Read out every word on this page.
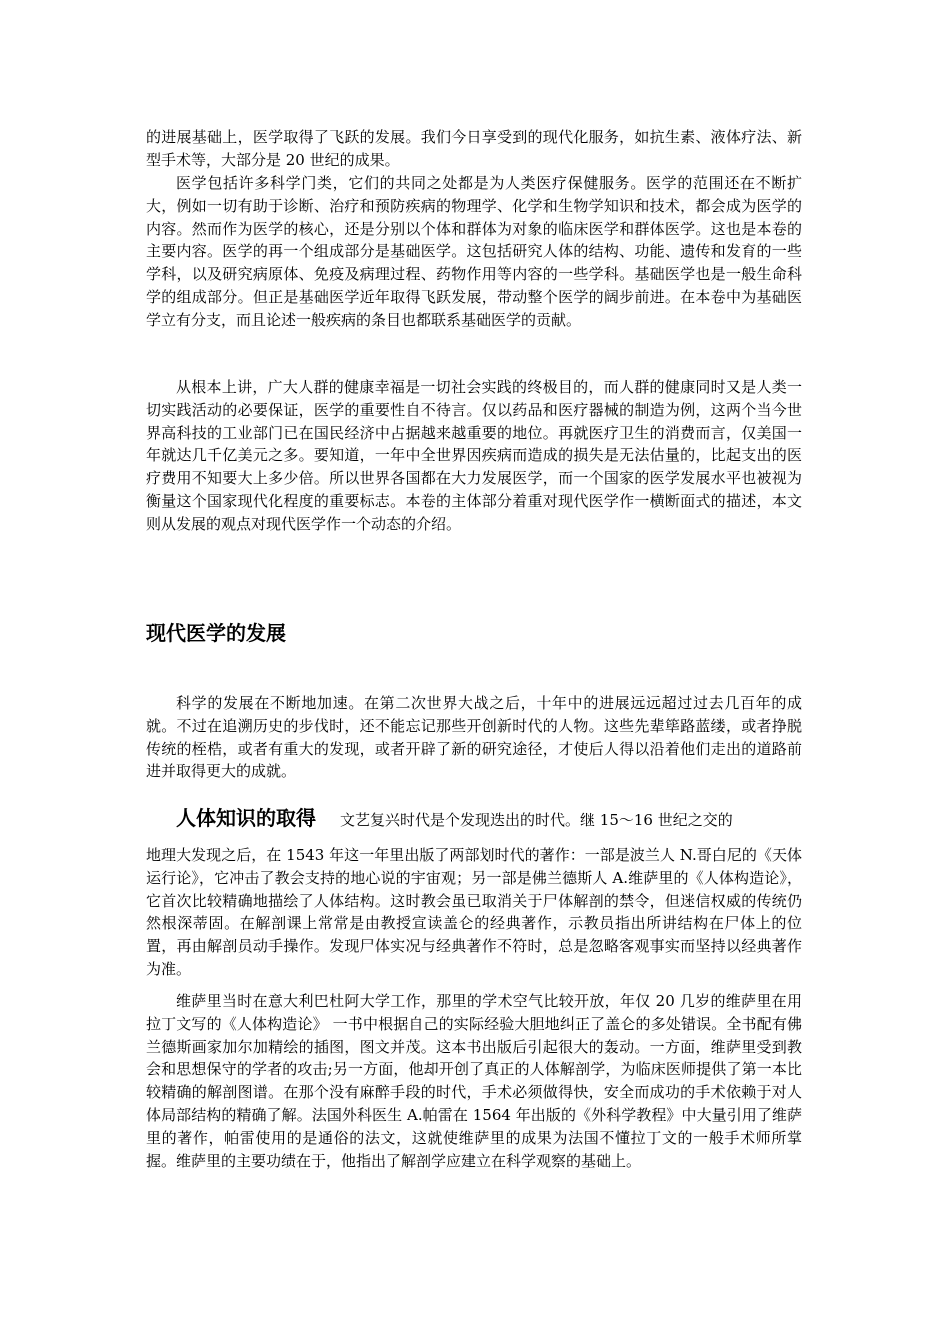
的进展基础上，医学取得了飞跃的发展。我们今日享受到的现代化服务，如抗生素、液体疗法、新型手术等，大部分是 20 世纪的成果。

医学包括许多科学门类，它们的共同之处都是为人类医疗保健服务。医学的范围还在不断扩大，例如一切有助于诊断、治疗和预防疾病的物理学、化学和生物学知识和技术，都会成为医学的内容。然而作为医学的核心，还是分别以个体和群体为对象的临床医学和群体医学。这也是本卷的主要内容。医学的再一个组成部分是基础医学。这包括研究人体的结构、功能、遗传和发育的一些学科，以及研究病原体、免疫及病理过程、药物作用等内容的一些学科。基础医学也是一般生命科学的组成部分。但正是基础医学近年取得飞跃发展，带动整个医学的阔步前进。在本卷中为基础医学立有分支，而且论述一般疾病的条目也都联系基础医学的贡献。

从根本上讲，广大人群的健康幸福是一切社会实践的终极目的，而人群的健康同时又是人类一切实践活动的必要保证，医学的重要性自不待言。仅以药品和医疗器械的制造为例，这两个当今世界高科技的工业部门已在国民经济中占据越来越重要的地位。再就医疗卫生的消费而言，仅美国一年就达几千亿美元之多。要知道，一年中全世界因疾病而造成的损失是无法估量的，比起支出的医疗费用不知要大上多少倍。所以世界各国都在大力发展医学，而一个国家的医学发展水平也被视为衡量这个国家现代化程度的重要标志。本卷的主体部分着重对现代医学作一横断面式的描述，本文则从发展的观点对现代医学作一个动态的介绍。

现代医学的发展

科学的发展在不断地加速。在第二次世界大战之后，十年中的进展远远超过过去几百年的成就。不过在追溯历史的步伐时，还不能忘记那些开创新时代的人物。这些先辈筚路蓝缕，或者挣脱传统的桎梏，或者有重大的发现，或者开辟了新的研究途径，才使后人得以沿着他们走出的道路前进并取得更大的成就。

人体知识的取得 文艺复兴时代是个发现迭出的时代。继 15～16 世纪之交的

地理大发现之后，在 1543 年这一年里出版了两部划时代的著作：一部是波兰人 N.哥白尼的《天体运行论》，它冲击了教会支持的地心说的宇宙观；另一部是佛兰德斯人 A.维萨里的《人体构造论》，它首次比较精确地描绘了人体结构。这时教会虽已取消关于尸体解剖的禁令，但迷信权威的传统仍然根深蒂固。在解剖课上常常是由教授宣读盖仑的经典著作，示教员指出所讲结构在尸体上的位置，再由解剖员动手操作。发现尸体实况与经典著作不符时，总是忽略客观事实而坚持以经典著作为准。

维萨里当时在意大利巴杜阿大学工作，那里的学术空气比较开放，年仅 20 几岁的维萨里在用拉丁文写的《人体构造论》 一书中根据自己的实际经验大胆地纠正了盖仑的多处错误。全书配有佛兰德斯画家加尔加精绘的插图，图文并茂。这本书出版后引起很大的轰动。一方面，维萨里受到教会和思想保守的学者的攻击;另一方面，他却开创了真正的人体解剖学，为临床医师提供了第一本比较精确的解剖图谱。在那个没有麻醉手段的时代，手术必须做得快，安全而成功的手术依赖于对人体局部结构的精确了解。法国外科医生 A.帕雷在 1564 年出版的《外科学教程》中大量引用了维萨里的著作，帕雷使用的是通俗的法文，这就使维萨里的成果为法国不懂拉丁文的一般手术师所掌握。维萨里的主要功绩在于，他指出了解剖学应建立在科学观察的基础上。
